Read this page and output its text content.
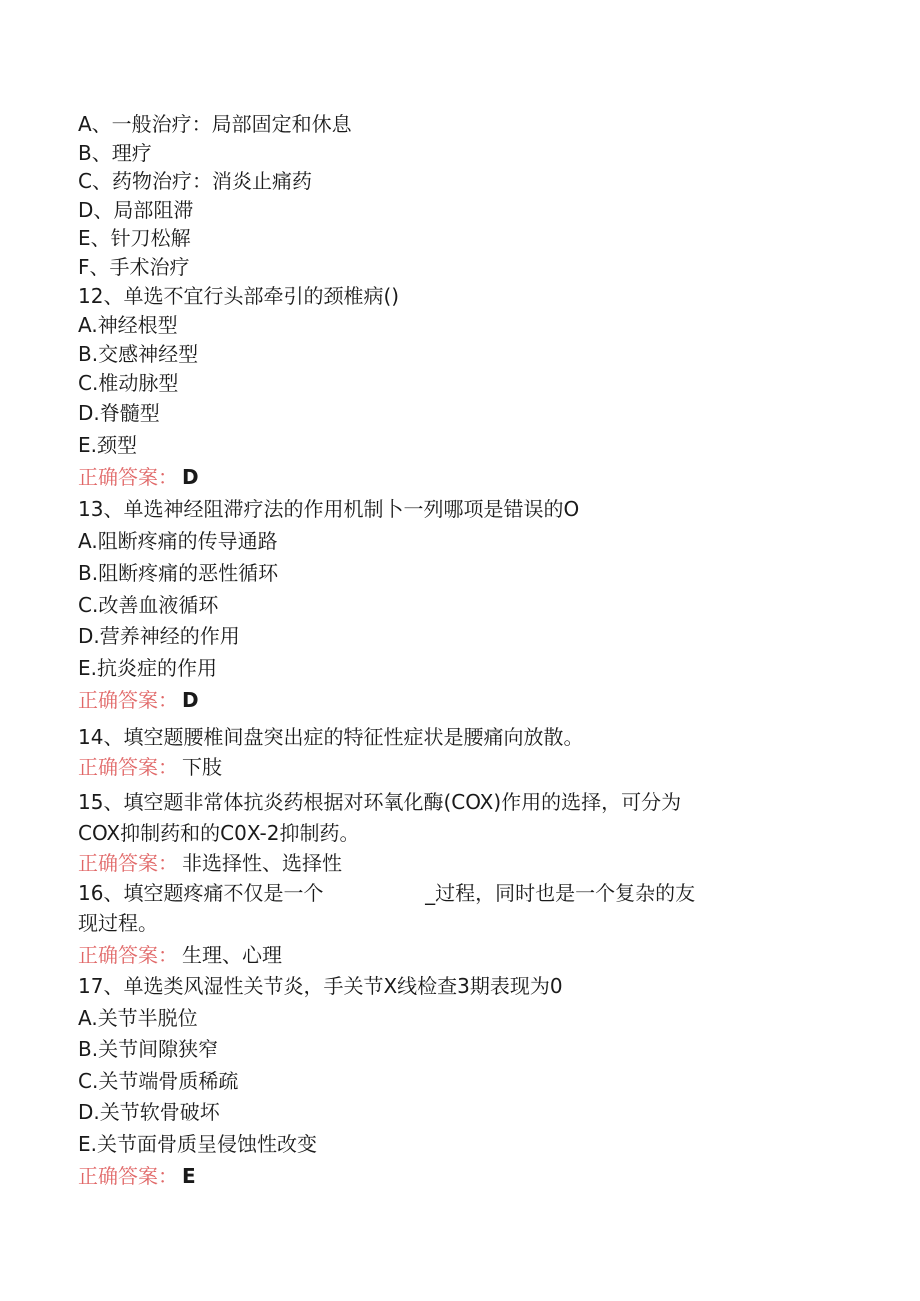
A、一般治疗：局部固定和休息
B、理疗
C、药物治疗：消炎止痛药
D、局部阻滞
E、针刀松解
F、手术治疗
12、单选不宜行头部牵引的颈椎病()
A.神经根型
B.交感神经型
C.椎动脉型
D.脊髓型
E.颈型
正确答案： D
13、单选神经阻滞疗法的作用机制卜一列哪项是错误的O
A.阻断疼痛的传导通路
B.阻断疼痛的恶性循环
C.改善血液循环
D.营养神经的作用
E.抗炎症的作用
正确答案： D
14、填空题腰椎间盘突出症的特征性症状是腰痛向放散。
正确答案： 下肢
15、填空题非常体抗炎药根据对环氧化酶(COX)作用的选择，可分为
COX抑制药和的C0X-2抑制药。
正确答案： 非选择性、选择性
16、填空题疼痛不仅是一个                _过程，同时也是一个复杂的友
现过程。
正确答案： 生理、心理
17、单选类风湿性关节炎，手关节X线检查3期表现为0
A.关节半脱位
B.关节间隙狭窄
C.关节端骨质稀疏
D.关节软骨破坏
E.关节面骨质呈侵蚀性改变
正确答案： E
